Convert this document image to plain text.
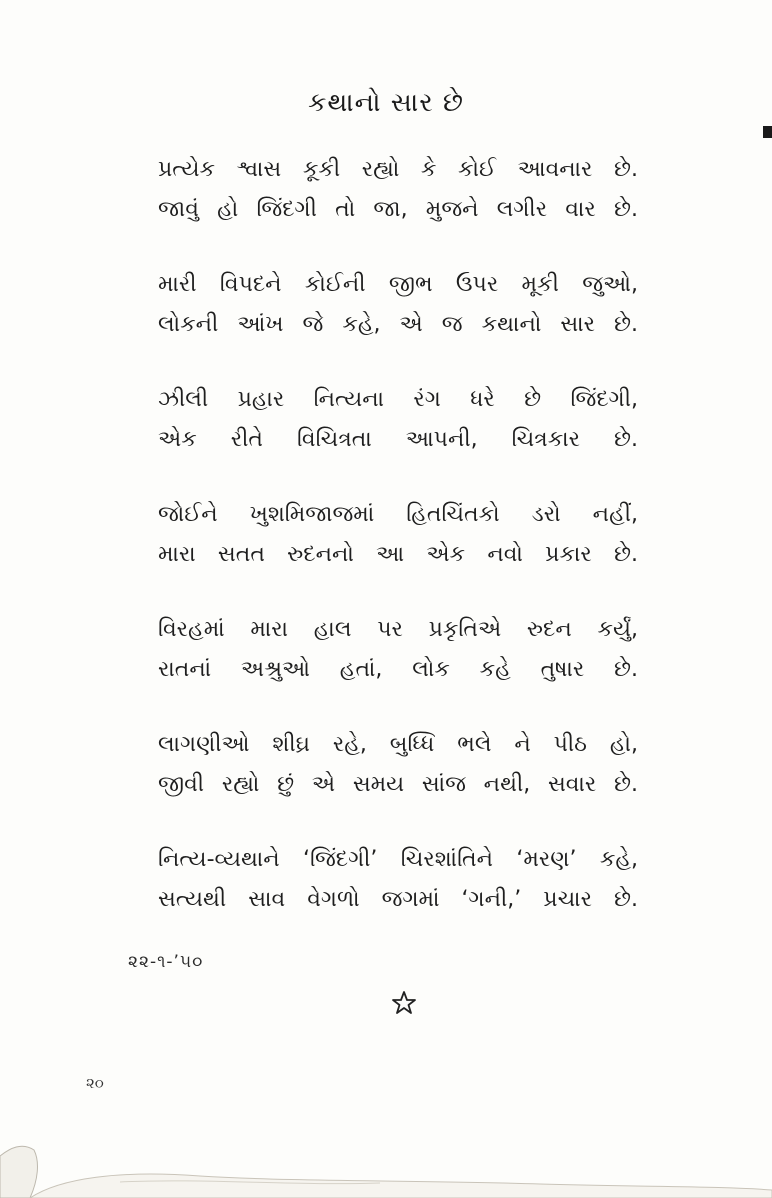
કથાનો સાર છે
પ્રત્યેક શ્વાસ કૂકી રહ્યો કે કોઈ આવનાર છે.
જાવું હો જિંદગી તો જા, મુજને લગીર વાર છે.
મારી વિપદને કોઈની જીભ ઉપર મૂકી જુઓ,
લોકની આંખ જે કહે, એ જ કથાનો સાર છે.
ઝીલી પ્રહાર નિત્યના રંગ ધરે છે જિંદગી,
એક રીતે વિચિત્રતા આપની, ચિત્રકાર છે.
જોઈને ખુશમિજાજમાં હિતચિંતકો ડરો નહીં,
મારા સતત રુદનનો આ એક નવો પ્રકાર છે.
વિરહમાં મારા હાલ પર પ્રકૃતિએ રુદન કર્યું,
રાતનાં અશ્રુઓ હતાં, લોક કહે તુષાર છે.
લાગણીઓ શીઘ્ર રહે, બુધ્ધિ ભલે ને પીઠ હો,
જીવી રહ્યો છું એ સમય સાંજ નથી, સવાર છે.
નિત્ય-વ્યથાને ‘જિંદગી’ ચિરશાંતિને ‘મરણ’ કહે,
સત્યથી સાવ વેગળો જગમાં ‘ગની,’ પ્રચાર છે.
૨૨-૧-’૫૦
૨૦
